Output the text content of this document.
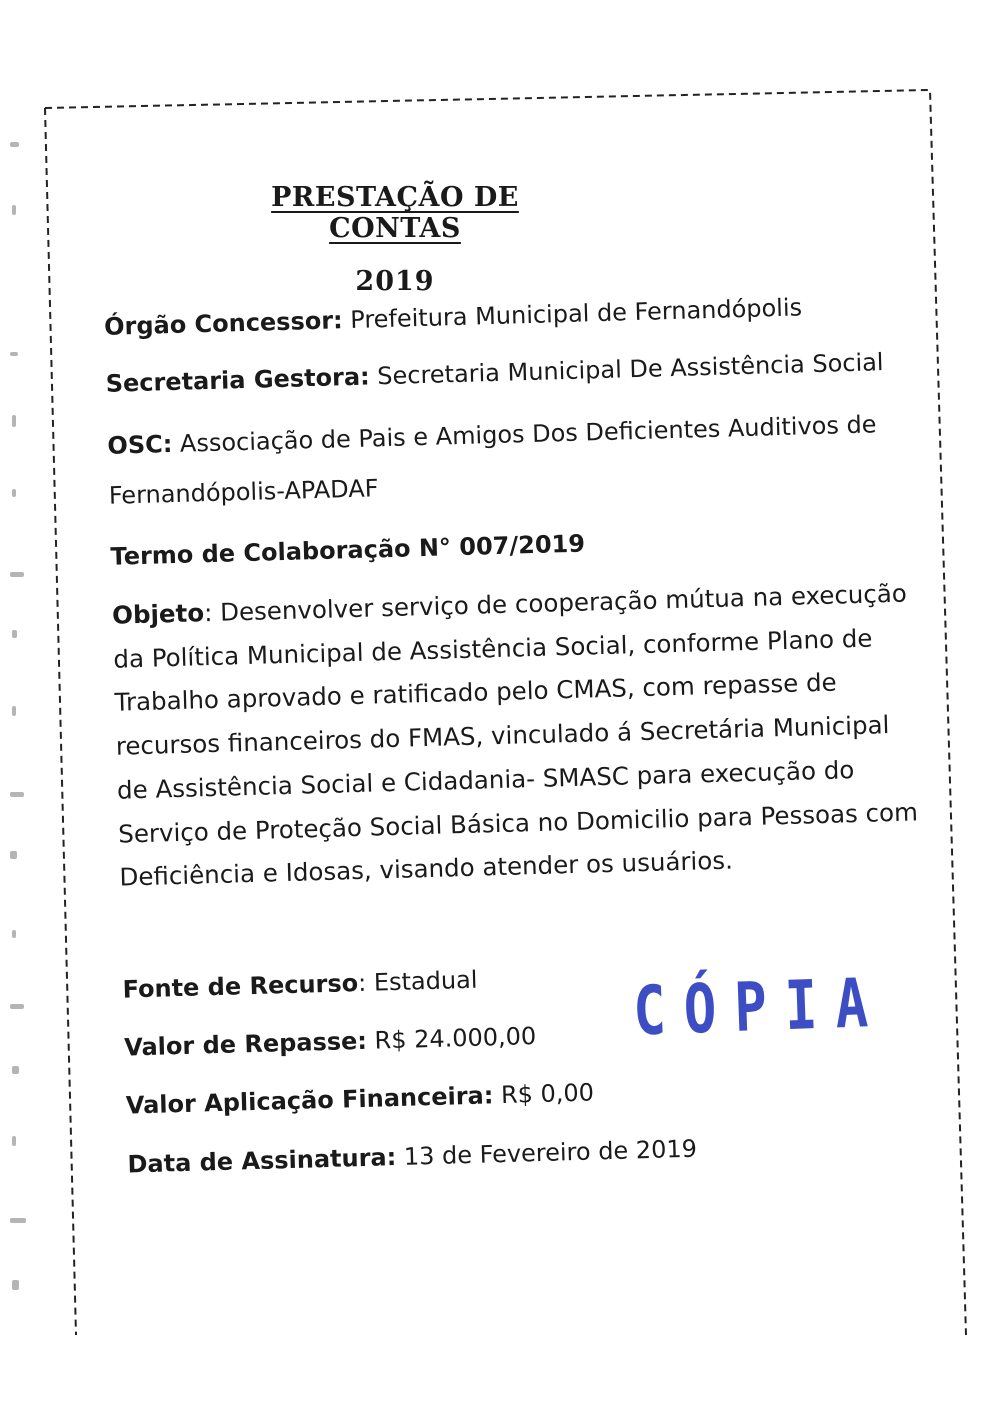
PRESTAÇÃO DE CONTAS
2019
Órgão Concessor: Prefeitura Municipal de Fernandópolis
Secretaria Gestora: Secretaria Municipal De Assistência Social
OSC: Associação de Pais e Amigos Dos Deficientes Auditivos de Fernandópolis-APADAF
Termo de Colaboração N° 007/2019
Objeto: Desenvolver serviço de cooperação mútua na execução da Política Municipal de Assistência Social, conforme Plano de Trabalho aprovado e ratificado pelo CMAS, com repasse de recursos financeiros do FMAS, vinculado á Secretária Municipal de Assistência Social e Cidadania- SMASC para execução do Serviço de Proteção Social Básica no Domicilio para Pessoas com Deficiência e Idosas, visando atender os usuários.
Fonte de Recurso: Estadual
Valor de Repasse: R$ 24.000,00
Valor Aplicação Financeira: R$ 0,00
Data de Assinatura: 13 de Fevereiro de 2019
CÓPIA
